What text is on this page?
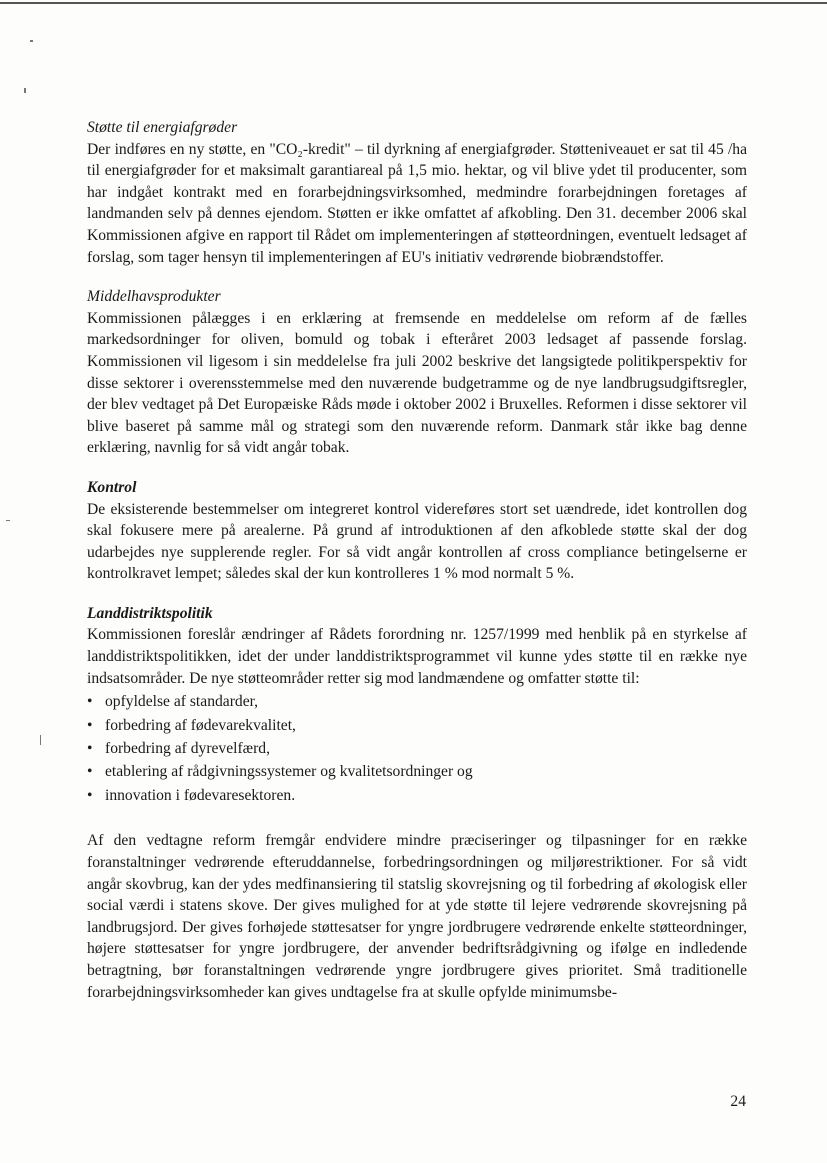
Støtte til energiafgrøder

Der indføres en ny støtte, en "CO₂-kredit" – til dyrkning af energiafgrøder. Støtteniveauet er sat til 45 /ha til energiafgrøder for et maksimalt garantiareal på 1,5 mio. hektar, og vil blive ydet til producenter, som har indgået kontrakt med en forarbejdningsvirksomhed, medmindre forarbejdningen foretages af landmanden selv på dennes ejendom. Støtten er ikke omfattet af afkobling. Den 31. december 2006 skal Kommissionen afgive en rapport til Rådet om implementeringen af støtteordningen, eventuelt ledsaget af forslag, som tager hensyn til implementeringen af EU's initiativ vedrørende biobrændstoffer.

Middelhavsprodukter

Kommissionen pålægges i en erklæring at fremsende en meddelelse om reform af de fælles markedsordninger for oliven, bomuld og tobak i efteråret 2003 ledsaget af passende forslag. Kommissionen vil ligesom i sin meddelelse fra juli 2002 beskrive det langsigtede politikperspektiv for disse sektorer i overensstemmelse med den nuværende budgetramme og de nye landbrugsudgiftsregler, der blev vedtaget på Det Europæiske Råds møde i oktober 2002 i Bruxelles. Reformen i disse sektorer vil blive baseret på samme mål og strategi som den nuværende reform. Danmark står ikke bag denne erklæring, navnlig for så vidt angår tobak.

Kontrol

De eksisterende bestemmelser om integreret kontrol videreføres stort set uændrede, idet kontrollen dog skal fokusere mere på arealerne. På grund af introduktionen af den afkoblede støtte skal der dog udarbejdes nye supplerende regler. For så vidt angår kontrollen af cross compliance betingelserne er kontrolkravet lempet; således skal der kun kontrolleres 1 % mod normalt 5 %.

Landdistriktspolitik

Kommissionen foreslår ændringer af Rådets forordning nr. 1257/1999 med henblik på en styrkelse af landdistriktspolitikken, idet der under landdistriktsprogrammet vil kunne ydes støtte til en række nye indsatsområder. De nye støtteområder retter sig mod landmændene og omfatter støtte til:

• opfyldelse af standarder,
• forbedring af fødevarekvalitet,
• forbedring af dyrevelfærd,
• etablering af rådgivningssystemer og kvalitetsordninger og
• innovation i fødevaresektoren.

Af den vedtagne reform fremgår endvidere mindre præciseringer og tilpasninger for en række foranstaltninger vedrørende efteruddannelse, forbedringsordningen og miljørestriktioner. For så vidt angår skovbrug, kan der ydes medfinansiering til statslig skovrejsning og til forbedring af økologisk eller social værdi i statens skove. Der gives mulighed for at yde støtte til lejere vedrørende skovrejsning på landbrugsjord. Der gives forhøjede støttesatser for yngre jordbrugere vedrørende enkelte støtteordninger, højere støttesatser for yngre jordbrugere, der anvender bedriftsrådgivning og ifølge en indledende betragtning, bør foranstaltningen vedrørende yngre jordbrugere gives prioritet. Små traditionelle forarbejdningsvirksomheder kan gives undtagelse fra at skulle opfylde minimumsbe-

24
